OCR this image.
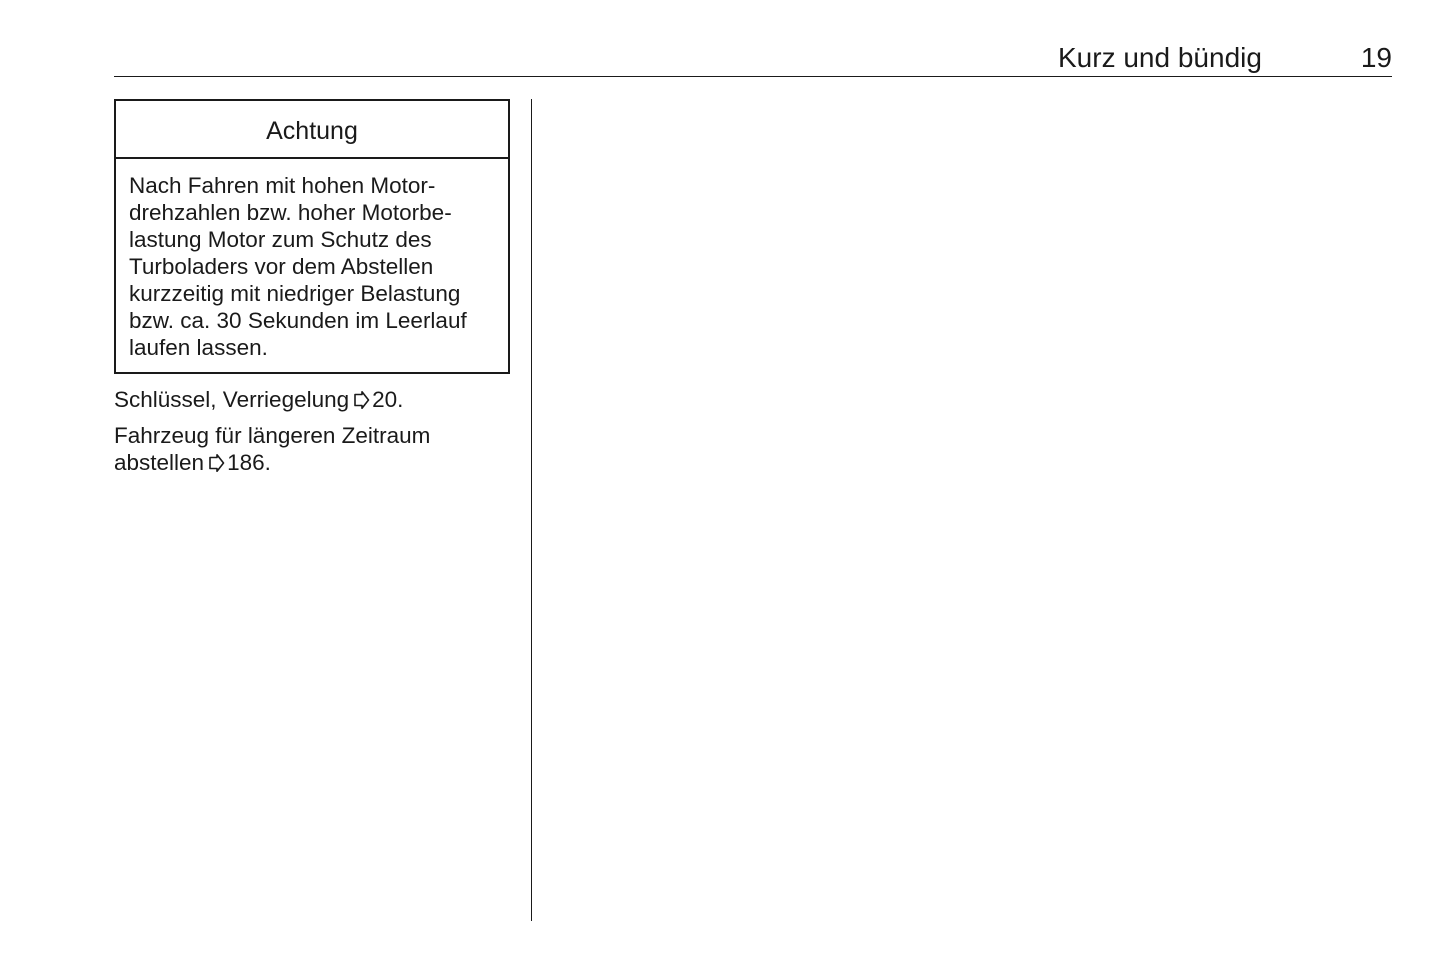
Kurz und bündig	19
Achtung
Nach Fahren mit hohen Motor-
drehzahlen bzw. hoher Motorbe-
lastung Motor zum Schutz des
Turboladers vor dem Abstellen
kurzzeitig mit niedriger Belastung
bzw. ca. 30 Sekunden im Leerlauf
laufen lassen.
Schlüssel, Verriegelung 20.
Fahrzeug für längeren Zeitraum
abstellen 186.
